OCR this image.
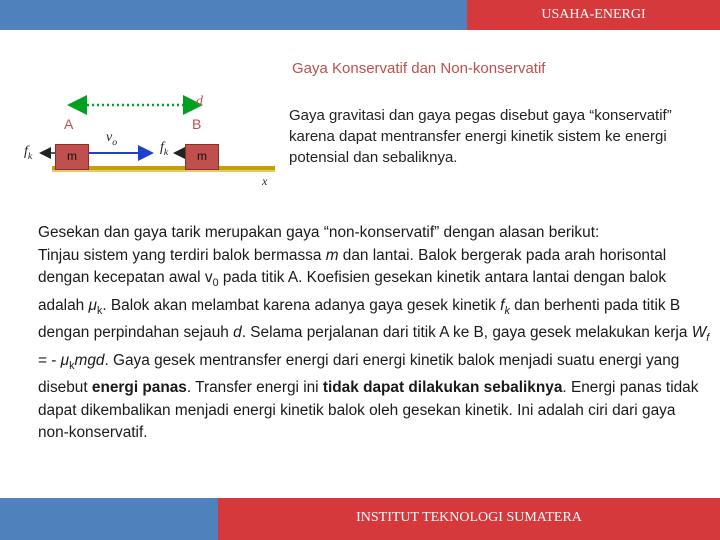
USAHA-ENERGI
Gaya Konservatif dan Non-konservatif
m	m
A	B
d
$f_k$
$f_k$
$v_o$
x
Gaya gravitasi dan gaya pegas disebut gaya “konservatif” karena dapat mentransfer energi kinetik sistem ke energi potensial dan sebaliknya.

Gesekan dan gaya tarik merupakan gaya “non-konservatif” dengan alasan berikut:

Tinjau sistem yang terdiri balok bermassa m dan lantai. Balok bergerak pada arah horisontal dengan kecepatan awal $v_0$ pada titik A. Koefisien gesekan kinetik antara lantai dengan balok adalah $\mu_k$. Balok akan melambat karena adanya gaya gesek kinetik $f_k$ dan berhenti pada titik B dengan perpindahan sejauh d. Selama perjalanan dari titik A ke B, gaya gesek melakukan kerja $W_f$ = - $\mu_kmgd$. Gaya gesek mentransfer energi dari energi kinetik balok menjadi suatu energi yang disebut energi panas. Transfer energi ini tidak dapat dilakukan sebaliknya. Energi panas tidak dapat dikembalikan menjadi energi kinetik balok oleh gesekan kinetik. Ini adalah ciri dari gaya non-konservatif.

INSTITUT TEKNOLOGI SUMATERA
